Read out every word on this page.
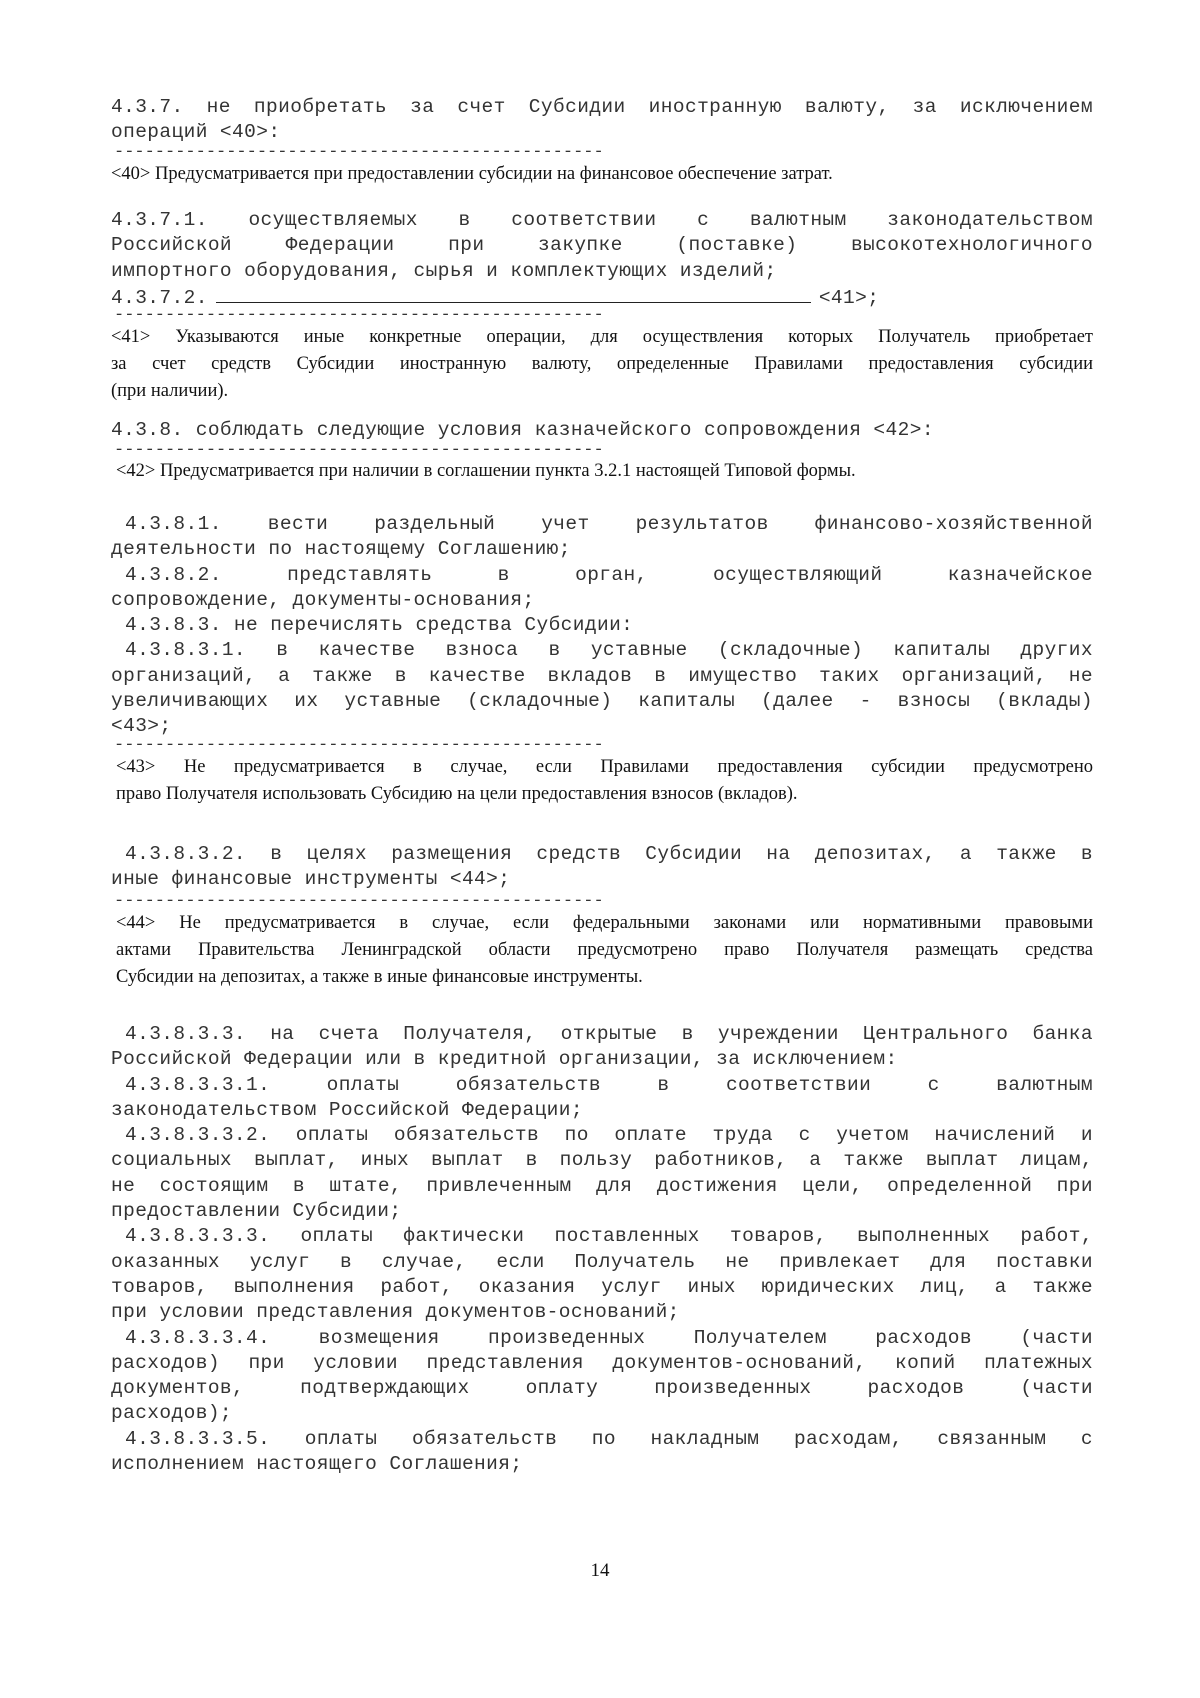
4.3.7. не приобретать за счет Субсидии иностранную валюту, за исключением
операций <40>:
------------------------------------------------
<40> Предусматривается при предоставлении субсидии на финансовое обеспечение затрат.
4.3.7.1. осуществляемых в соответствии с валютным законодательством
Российской Федерации при закупке (поставке) высокотехнологичного
импортного оборудования, сырья и комплектующих изделий;
4.3.7.2.	<41>;
------------------------------------------------
<41> Указываются иные конкретные операции, для осуществления которых Получатель приобретает
за счет средств Субсидии иностранную валюту, определенные Правилами предоставления субсидии
(при наличии).
4.3.8. соблюдать следующие условия казначейского сопровождения <42>:
------------------------------------------------
<42> Предусматривается при наличии в соглашении пункта 3.2.1 настоящей Типовой формы.
4.3.8.1. вести раздельный учет результатов финансово-хозяйственной
деятельности по настоящему Соглашению;
4.3.8.2. представлять в орган, осуществляющий казначейское
сопровождение, документы-основания;
4.3.8.3. не перечислять средства Субсидии:
4.3.8.3.1. в качестве взноса в уставные (складочные) капиталы других
организаций, а также в качестве вкладов в имущество таких организаций, не
увеличивающих их уставные (складочные) капиталы (далее - взносы (вклады)
<43>;
------------------------------------------------
<43> Не предусматривается в случае, если Правилами предоставления субсидии предусмотрено
право Получателя использовать Субсидию на цели предоставления взносов (вкладов).
4.3.8.3.2. в целях размещения средств Субсидии на депозитах, а также в
иные финансовые инструменты <44>;
------------------------------------------------
<44> Не предусматривается в случае, если федеральными законами или нормативными правовыми
актами Правительства Ленинградской области предусмотрено право Получателя размещать средства
Субсидии на депозитах, а также в иные финансовые инструменты.
4.3.8.3.3. на счета Получателя, открытые в учреждении Центрального банка
Российской Федерации или в кредитной организации, за исключением:
4.3.8.3.3.1. оплаты обязательств в соответствии с валютным
законодательством Российской Федерации;
4.3.8.3.3.2. оплаты обязательств по оплате труда с учетом начислений и
социальных выплат, иных выплат в пользу работников, а также выплат лицам,
не состоящим в штате, привлеченным для достижения цели, определенной при
предоставлении Субсидии;
4.3.8.3.3.3. оплаты фактически поставленных товаров, выполненных работ,
оказанных услуг в случае, если Получатель не привлекает для поставки
товаров, выполнения работ, оказания услуг иных юридических лиц, а также
при условии представления документов-оснований;
4.3.8.3.3.4. возмещения произведенных Получателем расходов (части
расходов) при условии представления документов-оснований, копий платежных
документов, подтверждающих оплату произведенных расходов (части
расходов);
4.3.8.3.3.5. оплаты обязательств по накладным расходам, связанным с
исполнением настоящего Соглашения;
14
